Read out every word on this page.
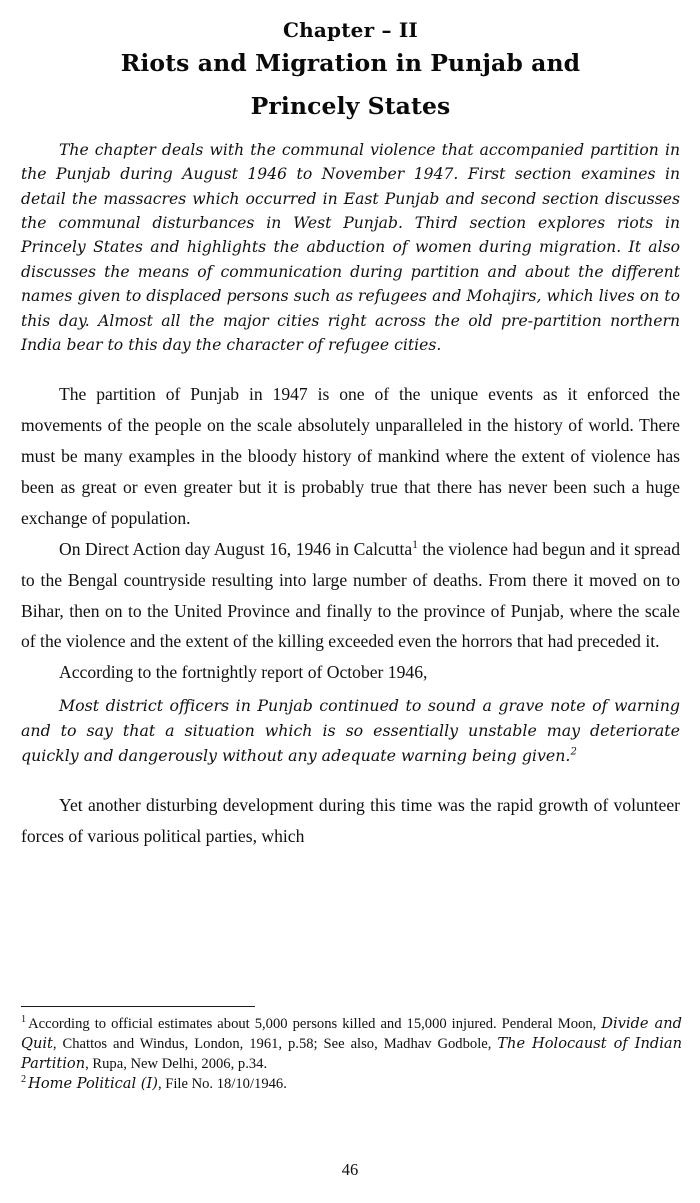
Chapter – II
Riots and Migration in Punjab and
Princely States

The chapter deals with the communal violence that accompanied partition in the Punjab during August 1946 to November 1947. First section examines in detail the massacres which occurred in East Punjab and second section discusses the communal disturbances in West Punjab. Third section explores riots in Princely States and highlights the abduction of women during migration. It also discusses the means of communication during partition and about the different names given to displaced persons such as refugees and Mohajirs, which lives on to this day. Almost all the major cities right across the old pre-partition northern India bear to this day the character of refugee cities.

The partition of Punjab in 1947 is one of the unique events as it enforced the movements of the people on the scale absolutely unparalleled in the history of world. There must be many examples in the bloody history of mankind where the extent of violence has been as great or even greater but it is probably true that there has never been such a huge exchange of population.

On Direct Action day August 16, 1946 in Calcutta$^1$ the violence had begun and it spread to the Bengal countryside resulting into large number of deaths. From there it moved on to Bihar, then on to the United Province and finally to the province of Punjab, where the scale of the violence and the extent of the killing exceeded even the horrors that had preceded it.

According to the fortnightly report of October 1946,

Most district officers in Punjab continued to sound a grave note of warning and to say that a situation which is so essentially unstable may deteriorate quickly and dangerously without any adequate warning being given.$^2$

Yet another disturbing development during this time was the rapid growth of volunteer forces of various political parties, which

$^1$ According to official estimates about 5,000 persons killed and 15,000 injured. Penderal Moon, Divide and Quit, Chattos and Windus, London, 1961, p.58; See also, Madhav Godbole, The Holocaust of Indian Partition, Rupa, New Delhi, 2006, p.34.

$^2$ Home Political (I), File No. 18/10/1946.

46
